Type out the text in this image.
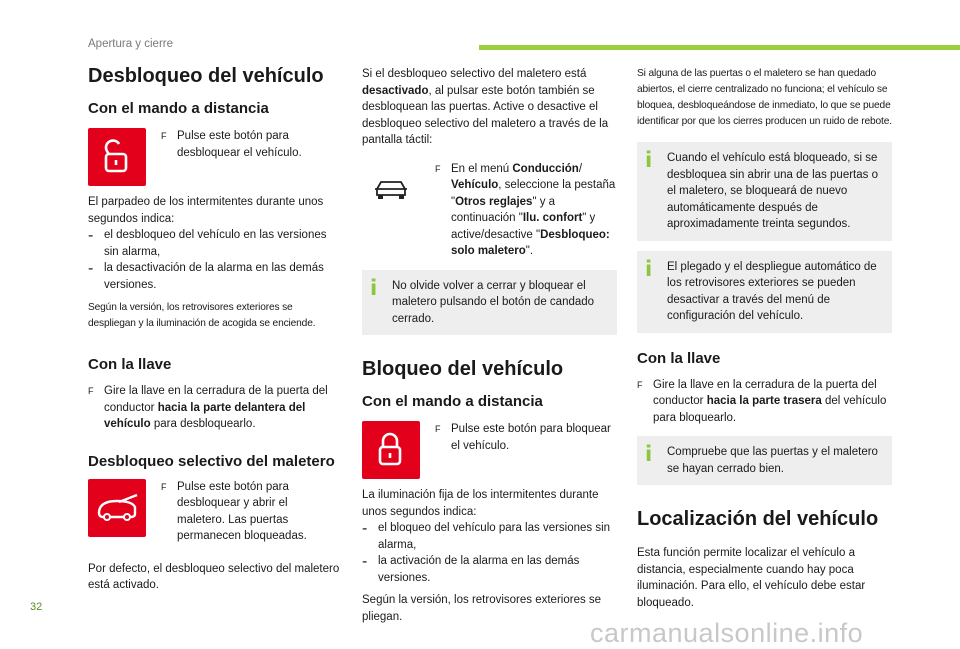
Apertura y cierre
Desbloqueo del vehículo
Con el mando a distancia
F Pulse este botón para desbloquear el vehículo.

El parpadeo de los intermitentes durante unos segundos indica:

- el desbloqueo del vehículo en las versiones sin alarma,

- la desactivación de la alarma en las demás versiones.

Según la versión, los retrovisores exteriores se despliegan y la iluminación de acogida se enciende.

Con la llave
F Gire la llave en la cerradura de la puerta del conductor hacia la parte delantera del vehículo para desbloquearlo.

Desbloqueo selectivo del maletero
F Pulse este botón para desbloquear y abrir el maletero. Las puertas permanecen bloqueadas.

Por defecto, el desbloqueo selectivo del maletero está activado.

Si el desbloqueo selectivo del maletero está desactivado, al pulsar este botón también se desbloquean las puertas. Active o desactive el desbloqueo selectivo del maletero a través de la pantalla táctil:

F En el menú Conducción/ Vehículo, seleccione la pestaña "Otros reglajes" y a continuación "Ilu. confort" y active/desactive "Desbloqueo: solo maletero".

i	No olvide volver a cerrar y bloquear el maletero pulsando el botón de candado cerrado.

Bloqueo del vehículo
Con el mando a distancia
F Pulse este botón para bloquear el vehículo.

La iluminación fija de los intermitentes durante unos segundos indica:

- el bloqueo del vehículo para las versiones sin alarma,

- la activación de la alarma en las demás versiones.

Según la versión, los retrovisores exteriores se pliegan.

Si alguna de las puertas o el maletero se han quedado abiertos, el cierre centralizado no funciona; el vehículo se bloquea, desbloqueándose de inmediato, lo que se puede identificar por que los cierres producen un ruido de rebote.

i	Cuando el vehículo está bloqueado, si se desbloquea sin abrir una de las puertas o el maletero, se bloqueará de nuevo automáticamente después de aproximadamente treinta segundos.

i	El plegado y el despliegue automático de los retrovisores exteriores se pueden desactivar a través del menú de configuración del vehículo.

Con la llave
F Gire la llave en la cerradura de la puerta del conductor hacia la parte trasera del vehículo para bloquearlo.

i	Compruebe que las puertas y el maletero se hayan cerrado bien.

Localización del vehículo

Esta función permite localizar el vehículo a distancia, especialmente cuando hay poca iluminación. Para ello, el vehículo debe estar bloqueado.

32
carmanualsonline.info
